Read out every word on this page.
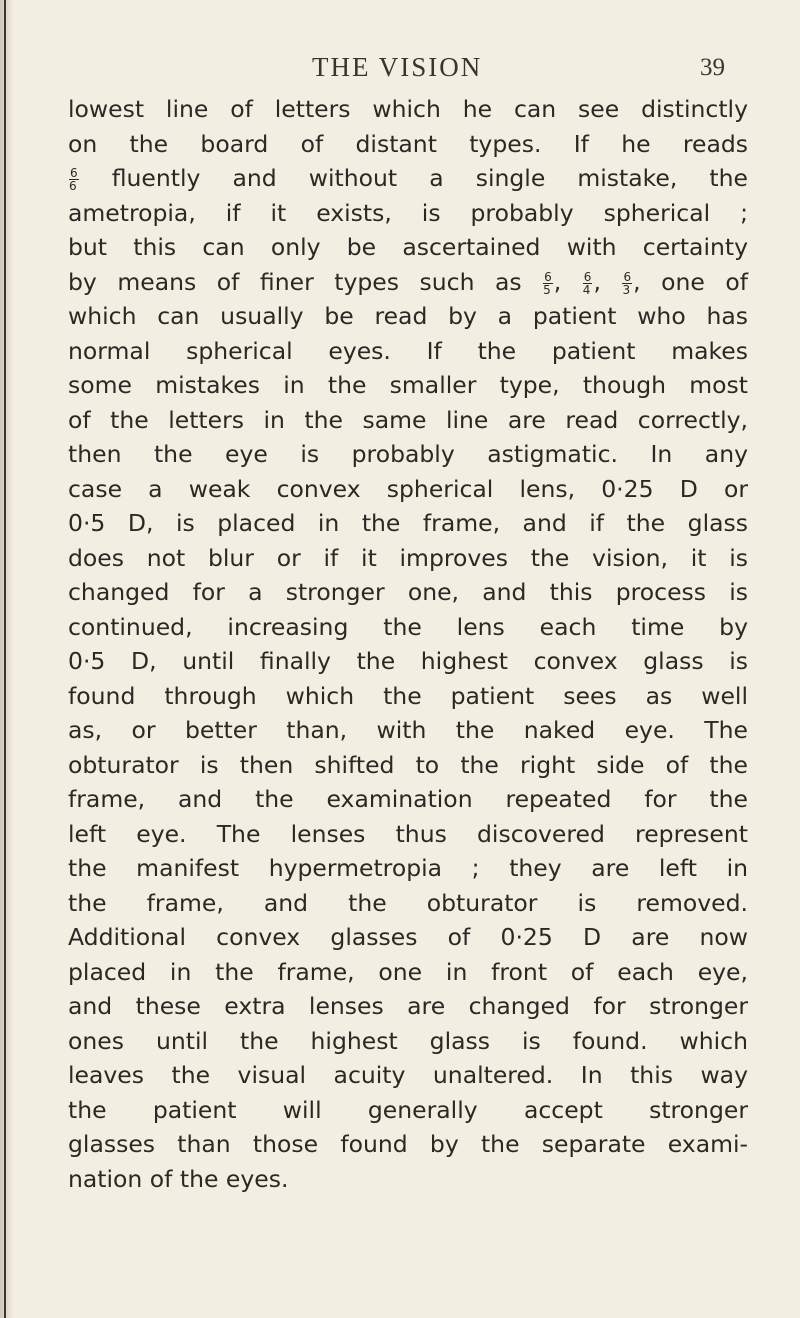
THE VISION	39
lowest line of letters which he can see distinctly
on the board of distant types. If he reads
$\frac{6}{6}$ fluently and without a single mistake, the
ametropia, if it exists, is probably spherical ;
but this can only be ascertained with certainty
by means of finer types such as $\frac{6}{5}$ , $\frac{6}{4}$ , $\frac{6}{3}$ , one of
which can usually be read by a patient who has
normal spherical eyes. If the patient makes
some mistakes in the smaller type, though most
of the letters in the same line are read correctly,
then the eye is probably astigmatic. In any
case a weak convex spherical lens, 0·25 D or
0·5 D, is placed in the frame, and if the glass
does not blur or if it improves the vision, it is
changed for a stronger one, and this process is
continued, increasing the lens each time by
0·5 D, until finally the highest convex glass is
found through which the patient sees as well
as, or better than, with the naked eye. The
obturator is then shifted to the right side of the
frame, and the examination repeated for the
left eye. The lenses thus discovered represent
the manifest hypermetropia ; they are left in
the frame, and the obturator is removed.
Additional convex glasses of 0·25 D are now
placed in the frame, one in front of each eye,
and these extra lenses are changed for stronger
ones until the highest glass is found. which
leaves the visual acuity unaltered. In this way
the patient will generally accept stronger
glasses than those found by the separate exami-
nation of the eyes.
